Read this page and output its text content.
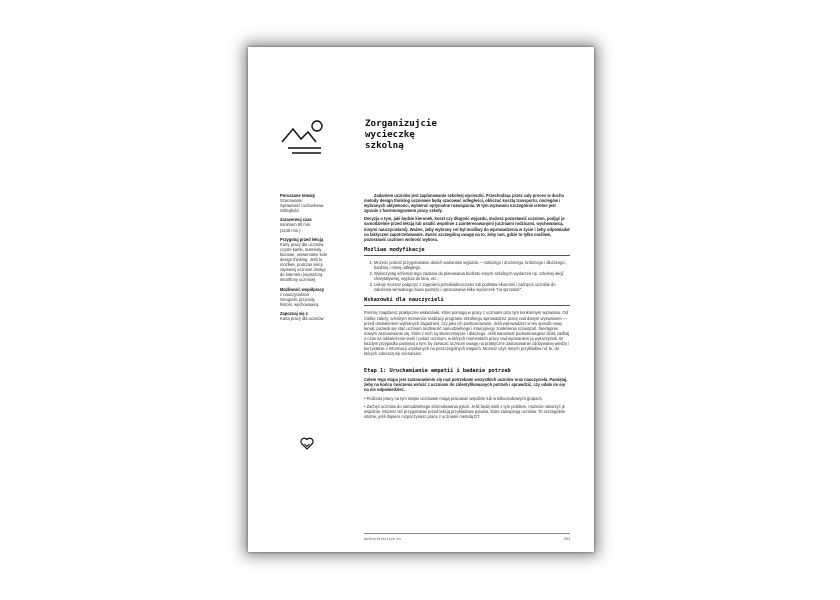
Zorganizujcie
wycieczkę
szkolną
Poruszane tematy
Szacowanie
Sprawność ruchankowa
Odległości
Zaraserwuj czas
minimum 90 min.
(2x45 min.)
Przygotuj przed lekcją
Karty pracy dla uczniów,
czyste kartki, materiały
biurowe, uniwersalne koło
design thinking. Jeśli to
możliwe, podczas lekcji
zapewnij uczniom dostęp
do internetu (wystarczą
smartfony uczniów)
Możliwość współpracy
z nauczycielami
Geografii, przyrody,
historii, wychowawcą
Zapoznaj się z
Kartą pracy dla uczniów

Zadaniem uczniów jest zaplanowanie szkolnej wycieczki. Przechodząc przez cały proces w duchu metody design thinking uczniowie będą szacować odległości, obliczać kosztą transportu, noclegów i wybranych aktywności, wybierać optymalne rozwiązania. W tym wyzwaniu szczególnie istotne jest zgranie z harmonogramem pracy szkoły.

Decyzja o tym, jaki będzie kierunek, koszt czy długość wyjazdu, możesz pozostawić uczniom, podjąć je samodzielnie przed lekcją lub ustalić wspólnie z zainteresowanymi (uczniami rodzicami, wychowawcą, innymi nauczycielami). Ważne, żeby wybrany cel był możliwy do wprowadzenia w życie i żeby odpowiadał na faktyczne zapotrzebowanie. Zwróć szczególną uwagę na to, żeby tam, gdzie to tylko możliwe, pozostawić uczniom wolność wyboru.

Możliwe modyfikacje
1. Możesz polecić przygotowanie dwóch wariantów wyjazdu — tańszego i droższego, krótszego i dłuższego, bardziej i mniej odległego.
2. Wykorzystaj schemat tego zadania do planowania budżetu innych szkolnych wydarzeń np. szkolnej akcji charytatywnej, wyjścia do kina, etc.;
3. Lekcję możesz połączyć z zajęciami przedsiębiorczości lub podstaw ekonomii i zachęcić uczniów do założenia wirtualnego biura podróży i opracowania kilku wycieczek "na sprzedaż".
Wskazówki dla nauczycieli

Poniżej znajdziesz praktyczne wskazówki, które pomogą w pracy z uczniami przy tym konkretnym wyzwaniu. Od Ciebie zależy, w którym momencie realizacji programu szkolnego wprowadzisz pracę nad danym wyzwaniem — przed omówieniem wybranych zagadnień, czy jako ich podsumowanie. Jeśli wprowadzisz w ten sposób nowy temat, pozwoli się stać uczniom możliwość samodzielnego i intuicyjnego znalezienia rozwiązań. Niestępnie nowym zastosowanie się, które z nich są skuteczniejsze i dlaczego. Jeśli natomiast podsumowujesz dział, zadbaj o czas na odświeżenie teorii i pokaż uczniom, w których momentach pracy nad wyzwaniem ją wykorzystali. W każdym przypadku pamiętaj o tym, by zwracać uczniom uwagę na praktyczne zastosowanie zdobywanej wiedzy i korzystanie z informacji uzyskanych na poszczególnych etapach. Możesz użyć innych przykładów niż te, do których odnoszą się scenariusz.

Etap 1: Uruchamianie empatii i badanie potrzeb

Celem tego etapu jest zastanowienie się nad potrzebami wszystkich uczniów oraz nauczyciela. Pamiętaj, żeby na końcu ćwiczenia wrócić z uczniami do zidentyfikowanych potrzeb i sprawdzić, czy udało im się na nie odpowiedzieć.

• Podczas pracy na tym etapie uczniowie mogą pracować wspólnie lub w kilkuosobowych grupach.

• Zachęć uczniów do samodzielnego sformułowania pytań. Jeśli będą mieli z tym problem, możecie stworzyć je wspólnie. Możesz też przygotować przed lekcją przykładowe pytania, które zainspirują uczniów. To szczególnie istotne, jeśli dopiero rozpoczynasz pracę z uczniami metodą DT.

mathinteractive.eu	263
